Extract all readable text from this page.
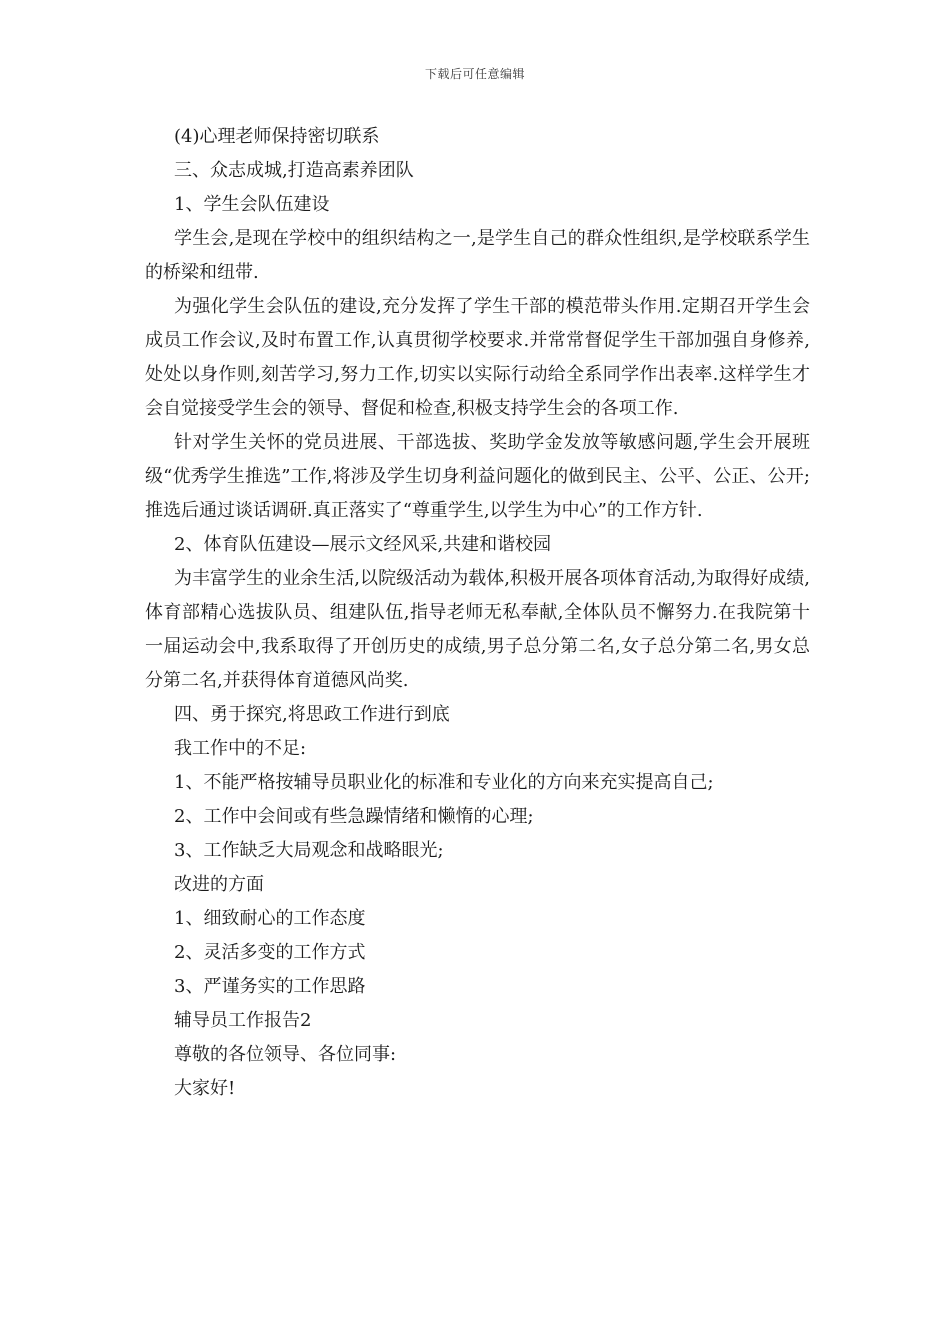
下载后可任意编辑

(4)心理老师保持密切联系

三、众志成城,打造高素养团队

1、学生会队伍建设

学生会,是现在学校中的组织结构之一,是学生自己的群众性组织,是学校联系学生的桥梁和纽带.

为强化学生会队伍的建设,充分发挥了学生干部的模范带头作用.定期召开学生会成员工作会议,及时布置工作,认真贯彻学校要求.并常常督促学生干部加强自身修养,处处以身作则,刻苦学习,努力工作,切实以实际行动给全系同学作出表率.这样学生才会自觉接受学生会的领导、督促和检查,积极支持学生会的各项工作.

针对学生关怀的党员进展、干部选拔、奖助学金发放等敏感问题,学生会开展班级“优秀学生推选”工作,将涉及学生切身利益问题化的做到民主、公平、公正、公开;推选后通过谈话调研.真正落实了“尊重学生,以学生为中心”的工作方针.

2、体育队伍建设—展示文经风采,共建和谐校园

为丰富学生的业余生活,以院级活动为载体,积极开展各项体育活动,为取得好成绩,体育部精心选拔队员、组建队伍,指导老师无私奉献,全体队员不懈努力.在我院第十一届运动会中,我系取得了开创历史的成绩,男子总分第二名,女子总分第二名,男女总分第二名,并获得体育道德风尚奖.

四、勇于探究,将思政工作进行到底

我工作中的不足:

1、不能严格按辅导员职业化的标准和专业化的方向来充实提高自己;

2、工作中会间或有些急躁情绪和懒惰的心理;

3、工作缺乏大局观念和战略眼光;

改进的方面

1、细致耐心的工作态度

2、灵活多变的工作方式

3、严谨务实的工作思路

辅导员工作报告2

尊敬的各位领导、各位同事:

大家好!
